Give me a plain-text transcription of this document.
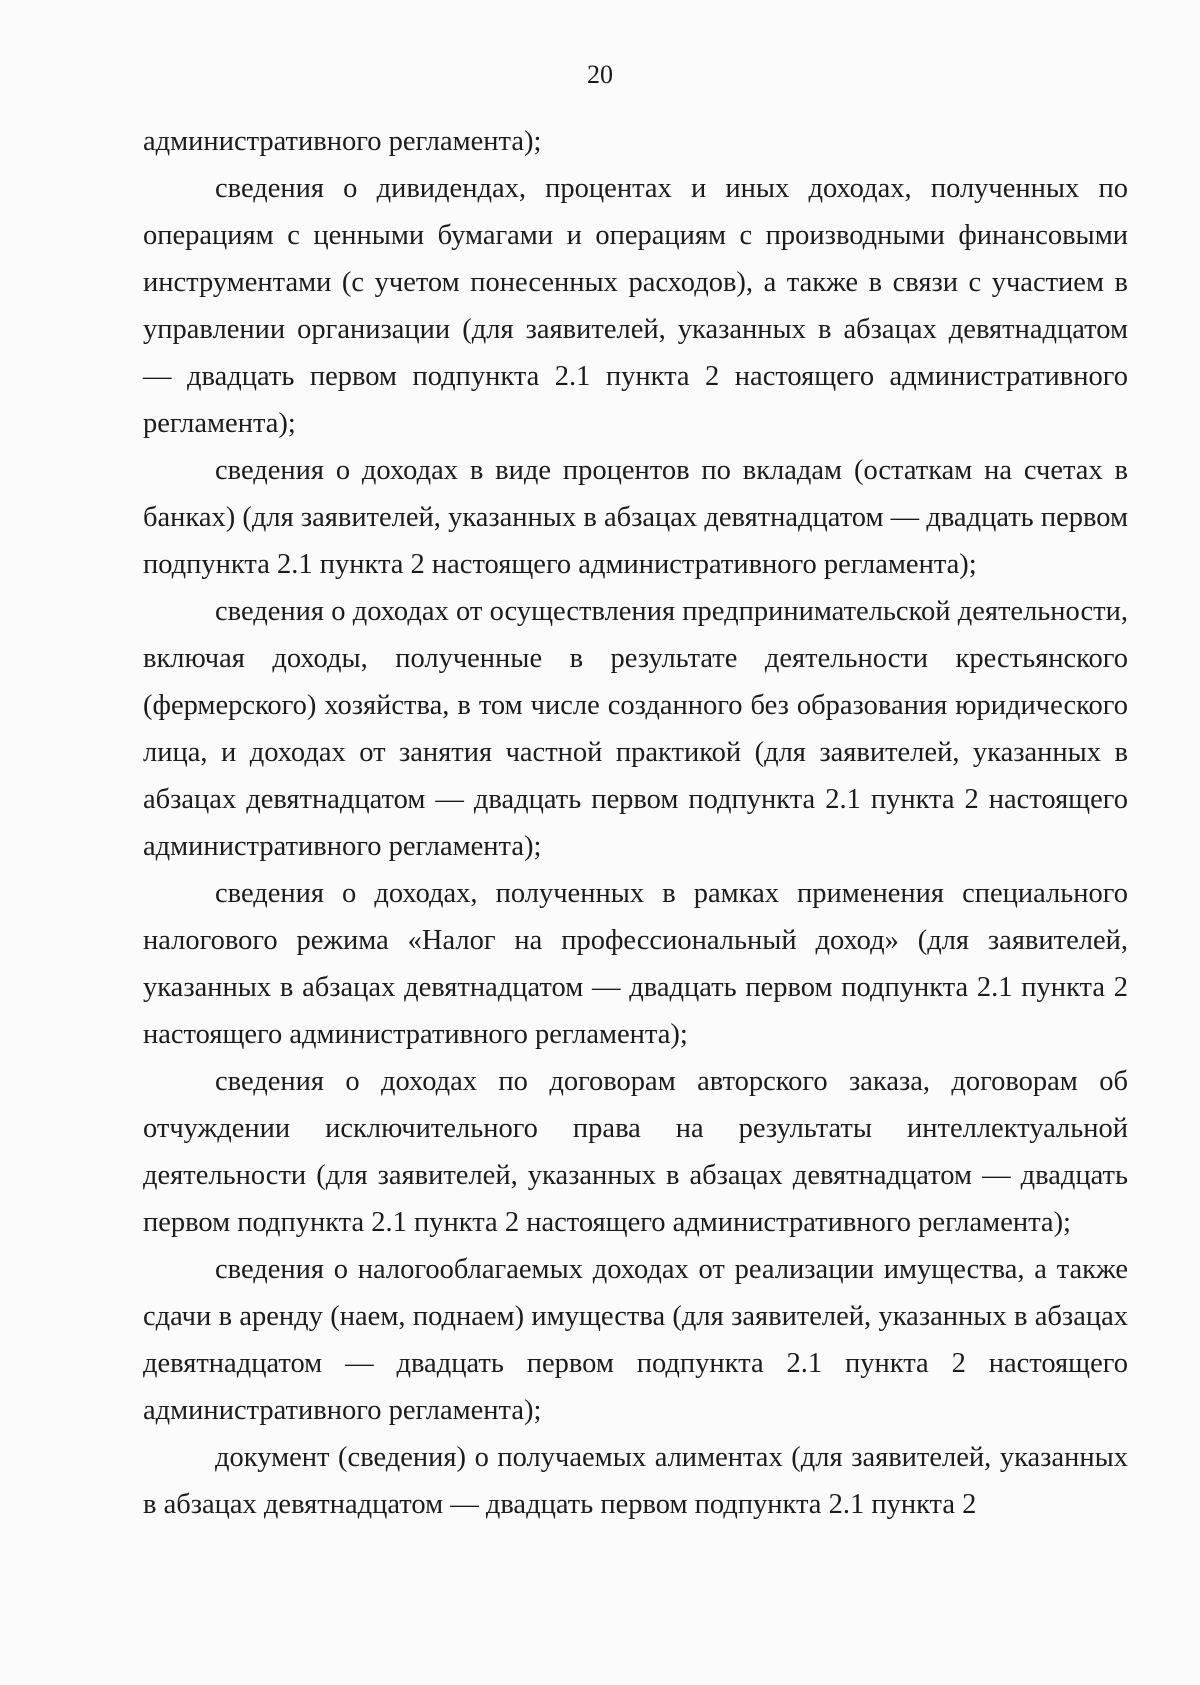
20

административного регламента);

сведения о дивидендах, процентах и иных доходах, полученных по операциям с ценными бумагами и операциям с производными финансовыми инструментами (с учетом понесенных расходов), а также в связи с участием в управлении организации (для заявителей, указанных в абзацах девятнадцатом — двадцать первом подпункта 2.1 пункта 2 настоящего административного регламента);

сведения о доходах в виде процентов по вкладам (остаткам на счетах в банках) (для заявителей, указанных в абзацах девятнадцатом — двадцать первом подпункта 2.1 пункта 2 настоящего административного регламента);

сведения о доходах от осуществления предпринимательской деятельности, включая доходы, полученные в результате деятельности крестьянского (фермерского) хозяйства, в том числе созданного без образования юридического лица, и доходах от занятия частной практикой (для заявителей, указанных в абзацах девятнадцатом — двадцать первом подпункта 2.1 пункта 2 настоящего административного регламента);

сведения о доходах, полученных в рамках применения специального налогового режима «Налог на профессиональный доход» (для заявителей, указанных в абзацах девятнадцатом — двадцать первом подпункта 2.1 пункта 2 настоящего административного регламента);

сведения о доходах по договорам авторского заказа, договорам об отчуждении исключительного права на результаты интеллектуальной деятельности (для заявителей, указанных в абзацах девятнадцатом — двадцать первом подпункта 2.1 пункта 2 настоящего административного регламента);

сведения о налогооблагаемых доходах от реализации имущества, а также сдачи в аренду (наем, поднаем) имущества (для заявителей, указанных в абзацах девятнадцатом — двадцать первом подпункта 2.1 пункта 2 настоящего административного регламента);

документ (сведения) о получаемых алиментах (для заявителей, указанных в абзацах девятнадцатом — двадцать первом подпункта 2.1 пункта 2
